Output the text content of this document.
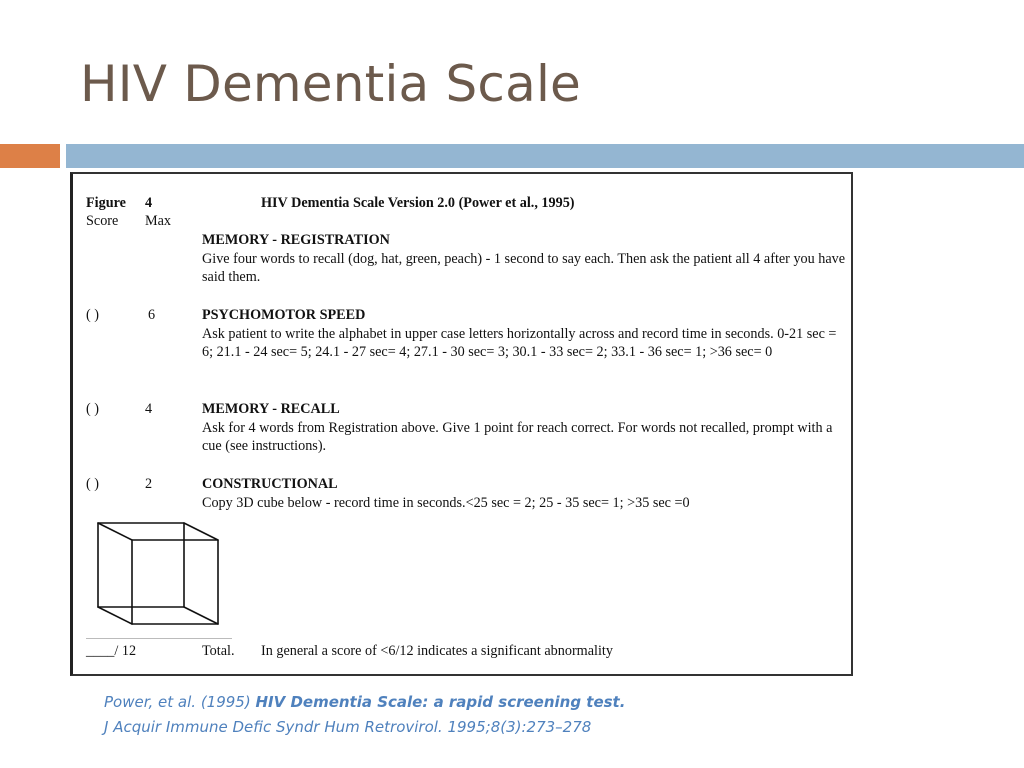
HIV Dementia Scale
Figure 4	HIV Dementia Scale Version 2.0 (Power et al., 1995)
Score Max
MEMORY - REGISTRATION

Give four words to recall (dog, hat, green, peach) - 1 second to say each. Then ask the patient all 4 after you have said them.

( )	6	PSYCHOMOTOR SPEED

Ask patient to write the alphabet in upper case letters horizontally across and record time in seconds. 0-21 sec = 6; 21.1 - 24 sec= 5; 24.1 - 27 sec= 4; 27.1 - 30 sec= 3; 30.1 - 33 sec= 2; 33.1 - 36 sec= 1; >36 sec= 0

( )	4	MEMORY - RECALL

Ask for 4 words from Registration above. Give 1 point for reach correct. For words not recalled, prompt with a cue (see instructions).

( )	2	CONSTRUCTIONAL

Copy 3D cube below - record time in seconds.<25 sec = 2; 25 - 35 sec= 1; >35 sec =0

____/ 12	Total. In general a score of <6/12 indicates a significant abnormality
Power, et al. (1995) HIV Dementia Scale: a rapid screening test.
J Acquir Immune Defic Syndr Hum Retrovirol. 1995;8(3):273–278
